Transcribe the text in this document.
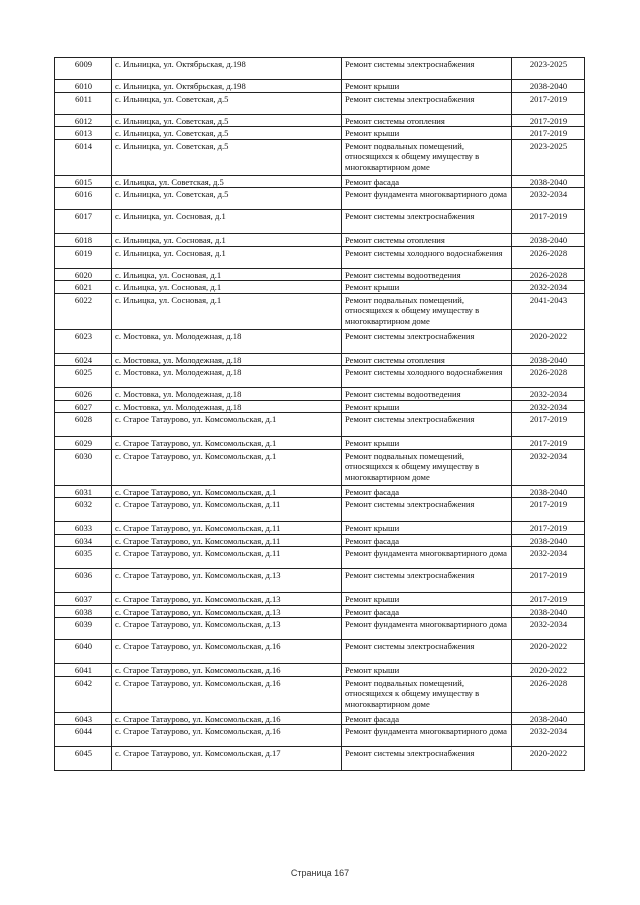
6009	с. Ильницка, ул. Октябрьская, д.198	Ремонт системы электроснабжения	2023-2025
6010	с. Ильницка, ул. Октябрьская, д.198	Ремонт крыши	2038-2040
6011	с. Ильницка, ул. Советская, д.5	Ремонт системы электроснабжения	2017-2019
6012	с. Ильницка, ул. Советская, д.5	Ремонт системы отопления	2017-2019
6013	с. Ильницка, ул. Советская, д.5	Ремонт крыши	2017-2019
6014	с. Ильницка, ул. Советская, д.5	Ремонт подвальных помещений, относящихся к общему имуществу в многоквартирном доме	2023-2025
6015	с. Ильицка, ул. Советская, д.5	Ремонт фасада	2038-2040
6016	с. Ильницка, ул. Советская, д.5	Ремонт фундамента многоквартирного дома	2032-2034
6017	с. Ильницка, ул. Сосновая, д.1	Ремонт системы электроснабжения	2017-2019
6018	с. Ильницка, ул. Сосновая, д.1	Ремонт системы отопления	2038-2040
6019	с. Ильницка, ул. Сосновая, д.1	Ремонт системы холодного водоснабжения	2026-2028
6020	с. Ильицка, ул. Сосновая, д.1	Ремонт системы водоотведения	2026-2028
6021	с. Ильицка, ул. Сосновая, д.1	Ремонт крыши	2032-2034
6022	с. Ильицка, ул. Сосновая, д.1	Ремонт подвальных помещений, относящихся к общему имуществу в многоквартирном доме	2041-2043
6023	с. Мостовка, ул. Молодежная, д.18	Ремонт системы электроснабжения	2020-2022
6024	с. Мостовка, ул. Молодежная, д.18	Ремонт системы отопления	2038-2040
6025	с. Мостовка, ул. Молодежная, д.18	Ремонт системы холодного водоснабжения	2026-2028
6026	с. Мостовка, ул. Молодежная, д.18	Ремонт системы водоотведения	2032-2034
6027	с. Мостовка, ул. Молодежная, д.18	Ремонт крыши	2032-2034
6028	с. Старое Татаурово, ул. Комсомольская, д.1	Ремонт системы электроснабжения	2017-2019
6029	с. Старое Татаурово, ул. Комсомольская, д.1	Ремонт крыши	2017-2019
6030	с. Старое Татаурово, ул. Комсомольская, д.1	Ремонт подвальных помещений, относящихся к общему имуществу в многоквартирном доме	2032-2034
6031	с. Старое Татаурово, ул. Комсомольская, д.1	Ремонт фасада	2038-2040
6032	с. Старое Татаурово, ул. Комсомольская, д.11	Ремонт системы электроснабжения	2017-2019
6033	с. Старое Татаурово, ул. Комсомольская, д.11	Ремонт крыши	2017-2019
6034	с. Старое Татаурово, ул. Комсомольская, д.11	Ремонт фасада	2038-2040
6035	с. Старое Татаурово, ул. Комсомольская, д.11	Ремонт фундамента многоквартирного дома	2032-2034
6036	с. Старое Татаурово, ул. Комсомольская, д.13	Ремонт системы электроснабжения	2017-2019
6037	с. Старое Татаурово, ул. Комсомольская, д.13	Ремонт крыши	2017-2019
6038	с. Старое Татаурово, ул. Комсомольская, д.13	Ремонт фасада	2038-2040
6039	с. Старое Татаурово, ул. Комсомольская, д.13	Ремонт фундамента многоквартирного дома	2032-2034
6040	с. Старое Татаурово, ул. Комсомольская, д.16	Ремонт системы электроснабжения	2020-2022
6041	с. Старое Татаурово, ул. Комсомольская, д.16	Ремонт крыши	2020-2022
6042	с. Старое Татаурово, ул. Комсомольская, д.16	Ремонт подвальных помещений, относящихся к общему имуществу в многоквартирном доме	2026-2028
6043	с. Старое Татаурово, ул. Комсомольская, д.16	Ремонт фасада	2038-2040
6044	с. Старое Татаурово, ул. Комсомольская, д.16	Ремонт фундамента многоквартирного дома	2032-2034
6045	с. Старое Татаурово, ул. Комсомольская, д.17	Ремонт системы электроснабжения	2020-2022
Страница 167
